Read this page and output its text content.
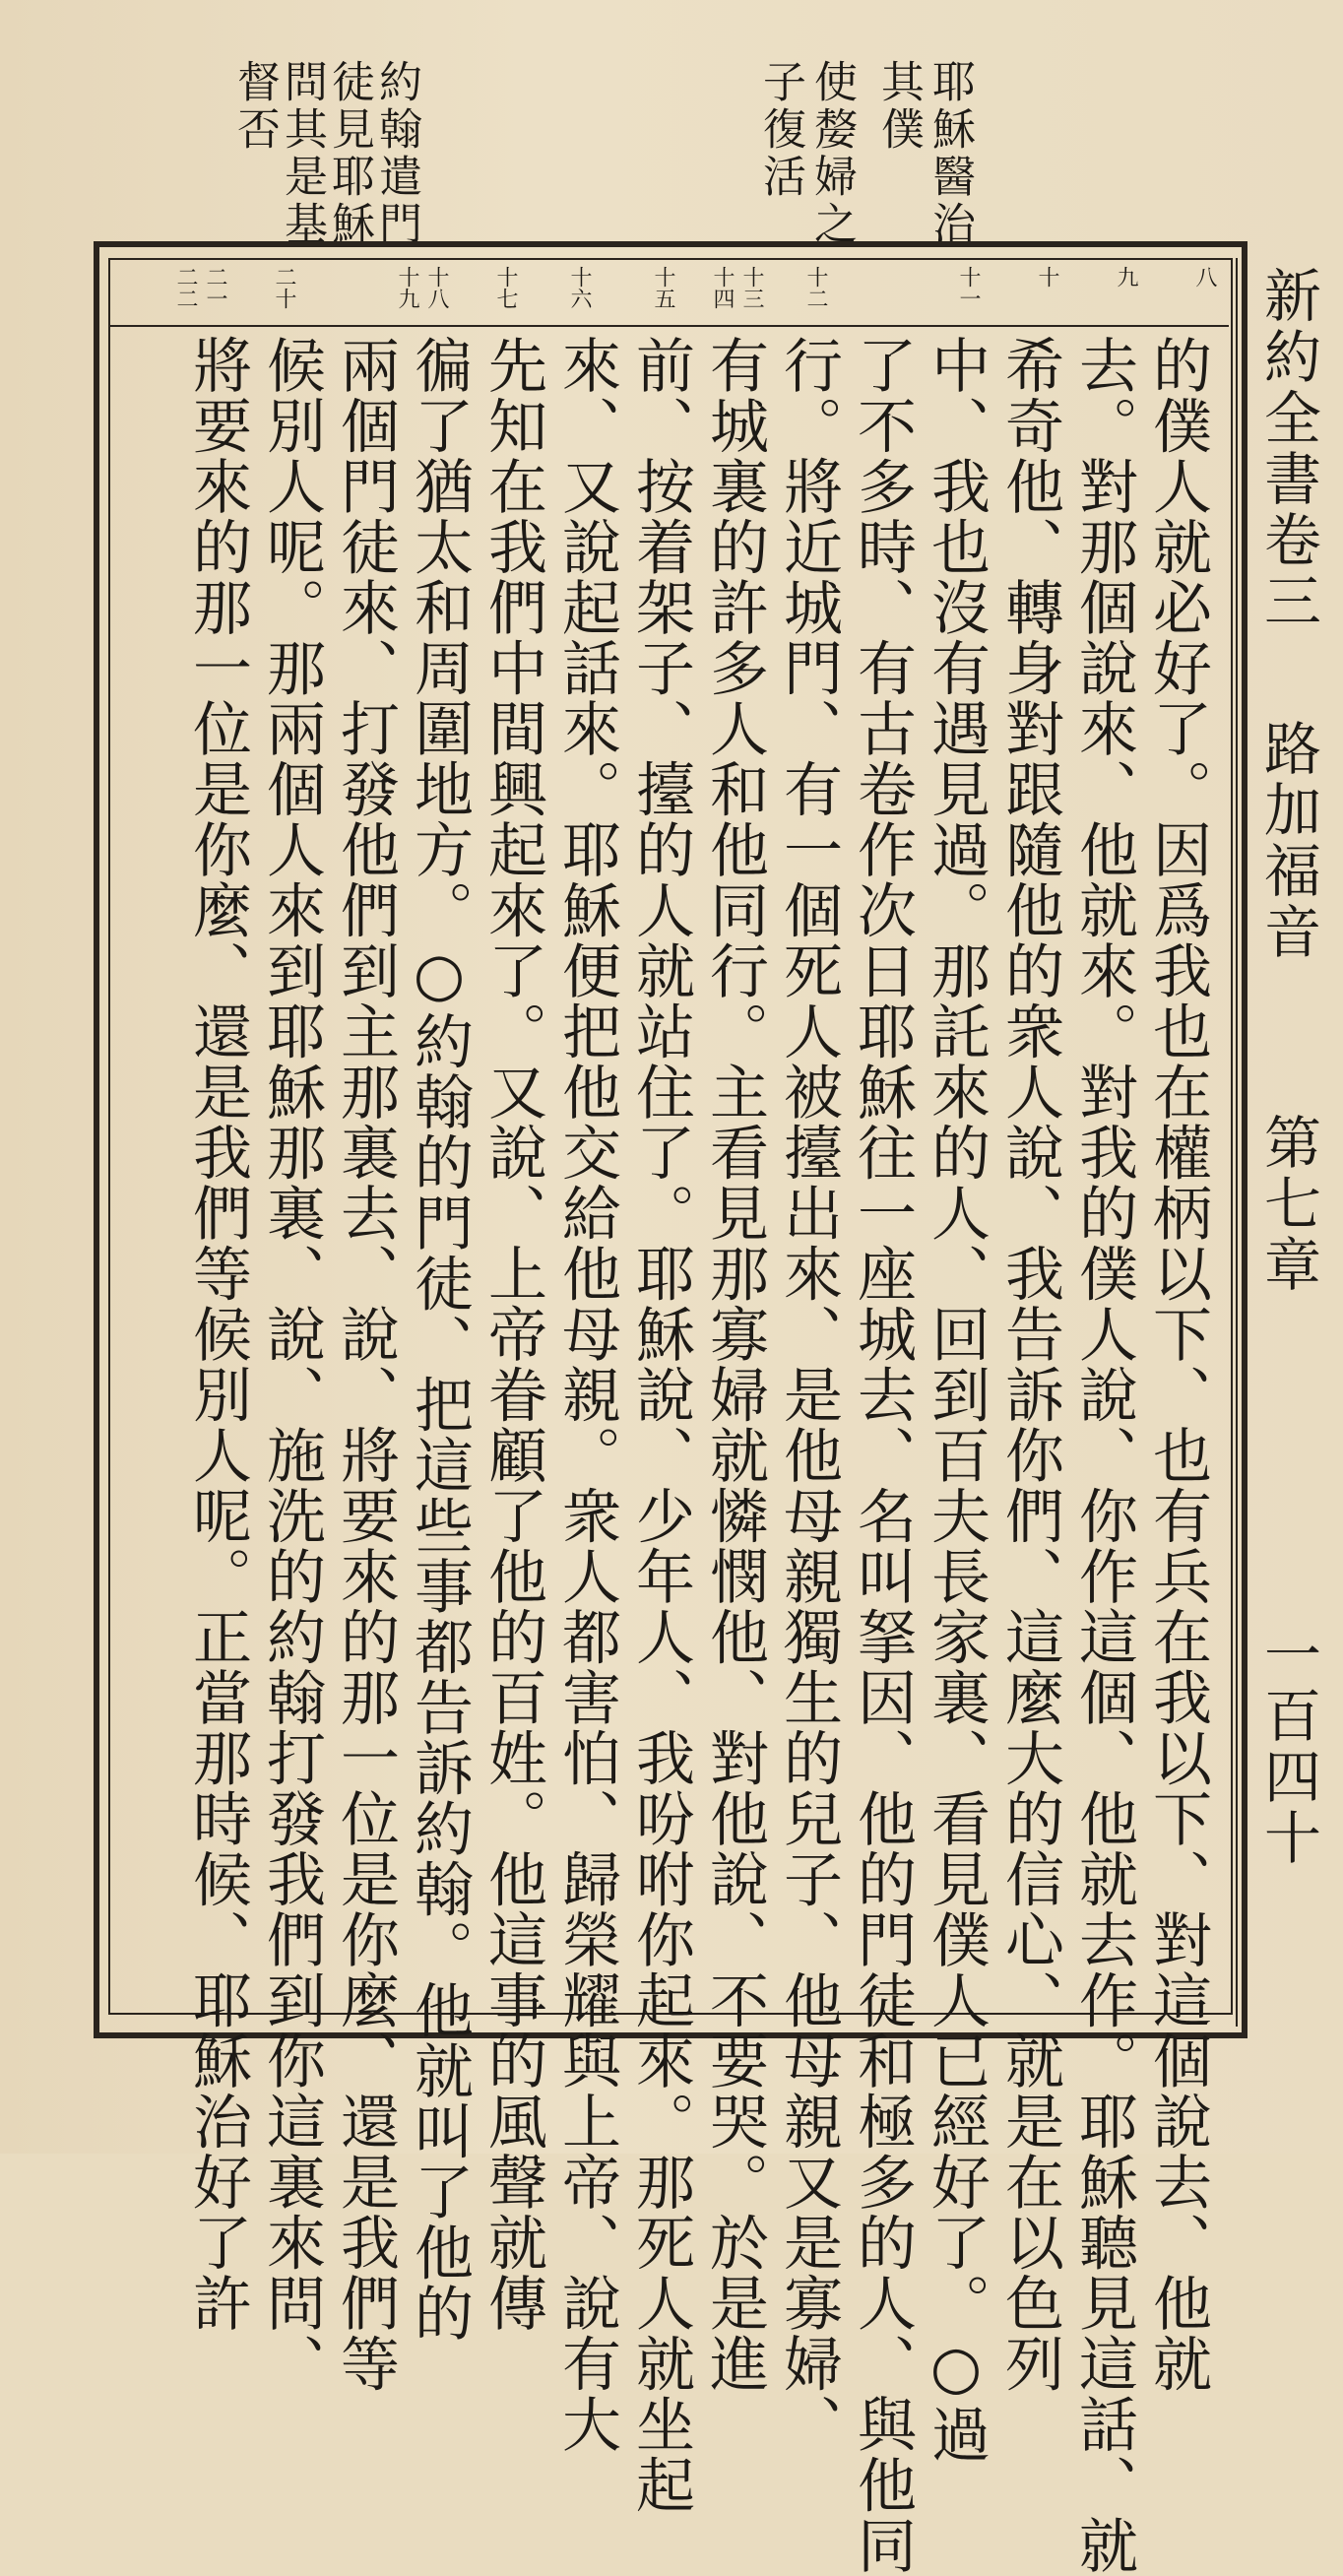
耶穌醫治
其僕
使嫠婦之
子復活
約翰遣門
徒見耶穌
問其是基
督否
八
九
十
十一
十二
十三
十四
十五
十六
十七
十八
十九
二十
二一
二二	新約全書卷三
路加福音
第七章
一百四十
的僕人就必好了。因爲我也在權柄以下、也有兵在我以下、對這個說去、他就
去。對那個說來、他就來。對我的僕人說、你作這個、他就去作。耶穌聽見這話、就
希奇他、轉身對跟隨他的衆人說、我告訴你們、這麼大的信心、就是在以色列
中、我也沒有遇見過。那託來的人、回到百夫長家裏、看見僕人已經好了。○過
了不多時、有古卷作次日耶穌往一座城去、名叫拏因、他的門徒和極多的人、與他同
行。將近城門、有一個死人被擡出來、是他母親獨生的兒子、他母親又是寡婦、
有城裏的許多人和他同行。主看見那寡婦就憐憫他、對他說、不要哭。於是進
前、按着架子、擡的人就站住了。耶穌說、少年人、我吩咐你起來。那死人就坐起
來、又說起話來。耶穌便把他交給他母親。衆人都害怕、歸榮耀與上帝、說有大
先知在我們中間興起來了。又說、上帝眷顧了他的百姓。他這事的風聲就傳
徧了猶太和周圍地方。○約翰的門徒、把這些事都告訴約翰。他就叫了他的
兩個門徒來、打發他們到主那裏去、說、將要來的那一位是你麼、還是我們等
候別人呢。那兩個人來到耶穌那裏、說、施洗的約翰打發我們到你這裏來問、
將要來的那一位是你麼、還是我們等候別人呢。正當那時候、耶穌治好了許
